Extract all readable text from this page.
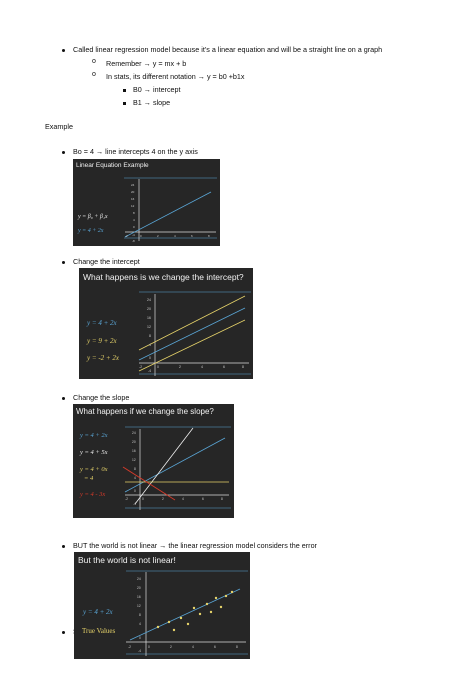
Called linear regression model because it’s a linear equation and will be a straight line on a graph
o Remember → y = mx + b
o In stats, its different notation → y = b0 +b1x
B0 → intercept
B1 → slope
Example
Bo = 4 → line intercepts 4 on the y axis
Linear Equation Example
y = β₀ + β₁x
y = 4 + 2x
24
20
16
12
8
4
0
-4
-8
-2	0	2	4	6	8
Change the intercept
What happens is we change the intercept?
y = 4 + 2x
y = 9 + 2x
y = -2 + 2x
24
20
16
12
8
4
0
-4
-2	0	2	4	6	8
Change the slope
What happens if we change the slope?
y = 4 + 2x
y = 4 + 5x
y = 4 + 0x
= 4
y = 4 - 3x
24
20
16
12
8
4
0
-4
-2	0	2	4	6	8
BUT the world is not linear → the linear regression model considers the error
But the world is not linear!
y = 4 + 2x
True Values
24
20
16
12
8
4
0
-4
-2	0	2	4	6	8
